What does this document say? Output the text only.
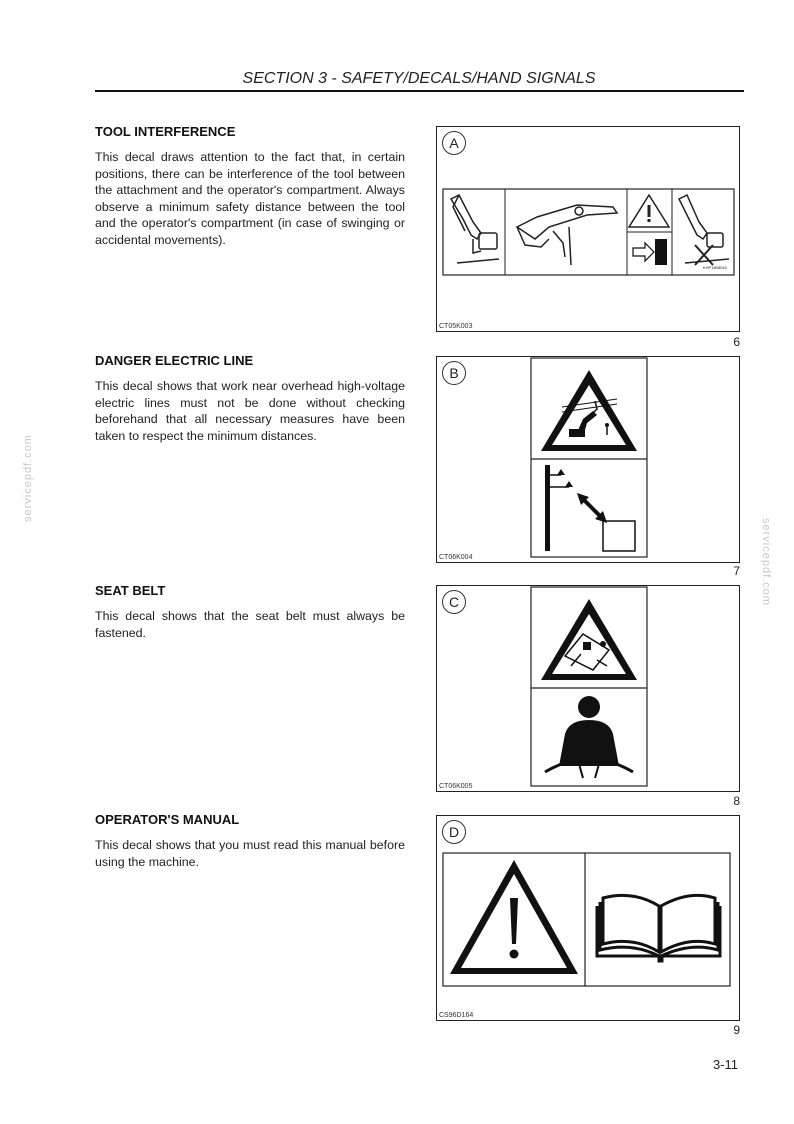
SECTION 3 - SAFETY/DECALS/HAND SIGNALS
servicepdf.com
servicepdf.com
TOOL INTERFERENCE

This decal draws attention to the fact that, in certain positions, there can be interference of the tool between the attachment and the operator's compartment. Always observe a minimum safety distance between the tool and the operator's compartment (in case of swinging or accidental movements).

A
KHP1808040
CT05K003
6
DANGER ELECTRIC LINE

This decal shows that work near overhead high-voltage electric lines must not be done without checking beforehand that all necessary measures have been taken to respect the minimum distances.

B
CT06K004
7
SEAT BELT

This decal shows that the seat belt must always be fastened.

C
CT06K005
8
OPERATOR'S MANUAL

This decal shows that you must read this manual before using the machine.

D
CS96D164
9
3-11
